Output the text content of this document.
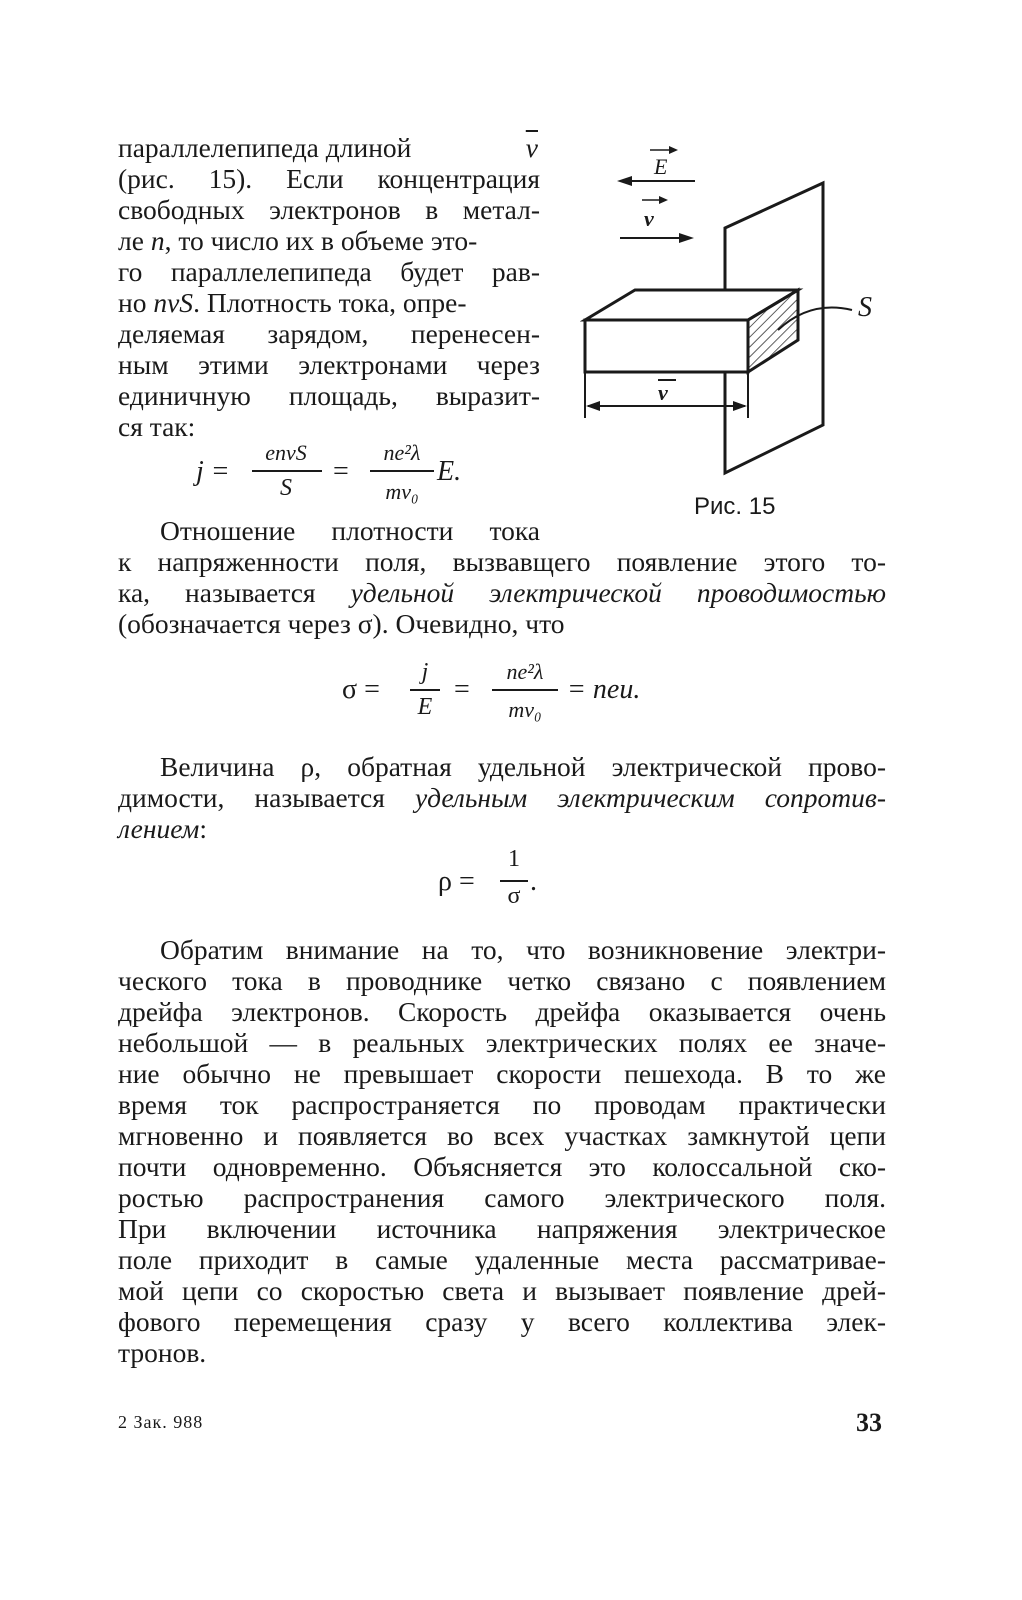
параллелепипеда длиной	$\overline{v}$
(рис. 15). Если концентрация
свободных электронов в метал-
ле n, то число их в объеме это-
го параллелепипеда будет рав-
но nvS. Плотность тока, опре-
деляемая зарядом, перенесен-
ным этими электронами через
единичную площадь, выразит-
ся так:
j =
envS
S
=
ne²λ
mv₀
E.
E
v
v
S
Рис. 15
Отношение плотности тока
к напряженности поля, вызвавщего появление этого то-
ка, называется удельной электрической проводимостью
(обозначается через σ). Очевидно, что
σ =
j
E
=
ne²λ
mv₀
= neu.
Величина ρ, обратная удельной электрической прово-
димости, называется удельным электрическим сопротив-
лением:
ρ =
1
σ .
Обратим внимание на то, что возникновение электри-
ческого тока в проводнике четко связано с появлением
дрейфа электронов. Скорость дрейфа оказывается очень
небольшой — в реальных электрических полях ее значе-
ние обычно не превышает скорости пешехода. В то же
время ток распространяется по проводам практически
мгновенно и появляется во всех участках замкнутой цепи
почти одновременно. Объясняется это колоссальной ско-
ростью распространения самого электрического поля.
При включении источника напряжения электрическое
поле приходит в самые удаленные места рассматривае-
мой цепи со скоростью света и вызывает появление дрей-
фового перемещения сразу у всего коллектива элек-
тронов.
2 Зак. 988	33
